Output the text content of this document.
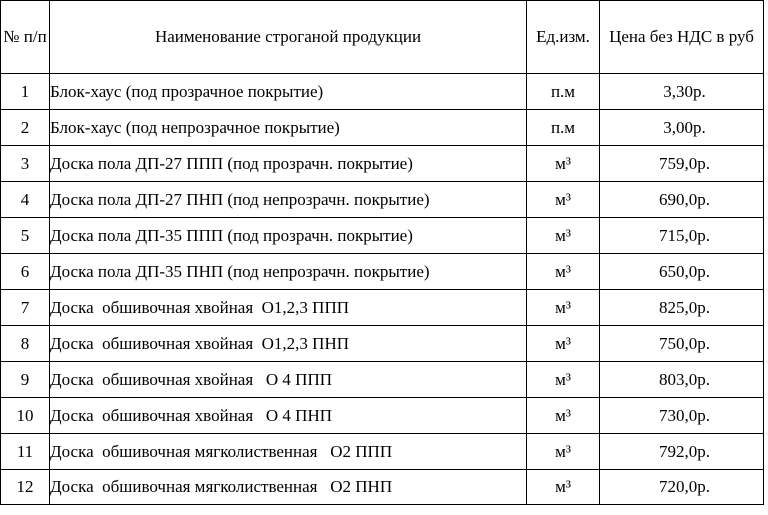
№ п/п	Наименование строганой продукции	Ед.изм.	Цена без НДС в руб
1	Блок-хаус (под прозрачное покрытие)	п.м	3,30р.
2	Блок-хаус (под непрозрачное покрытие)	п.м	3,00р.
3	Доска пола ДП-27 ППП (под прозрачн. покрытие)	м³	759,0р.
4	Доска пола ДП-27 ПНП (под непрозрачн. покрытие)	м³	690,0р.
5	Доска пола ДП-35 ППП (под прозрачн. покрытие)	м³	715,0р.
6	Доска пола ДП-35 ПНП (под непрозрачн. покрытие)	м³	650,0р.
7	Доска  обшивочная хвойная  О1,2,3 ППП	м³	825,0р.
8	Доска  обшивочная хвойная  О1,2,3 ПНП	м³	750,0р.
9	Доска  обшивочная хвойная   О 4 ППП	м³	803,0р.
10	Доска  обшивочная хвойная   О 4 ПНП	м³	730,0р.
11	Доска  обшивочная мягколиственная   О2 ППП	м³	792,0р.
12	Доска  обшивочная мягколиственная   О2 ПНП	м³	720,0р.
